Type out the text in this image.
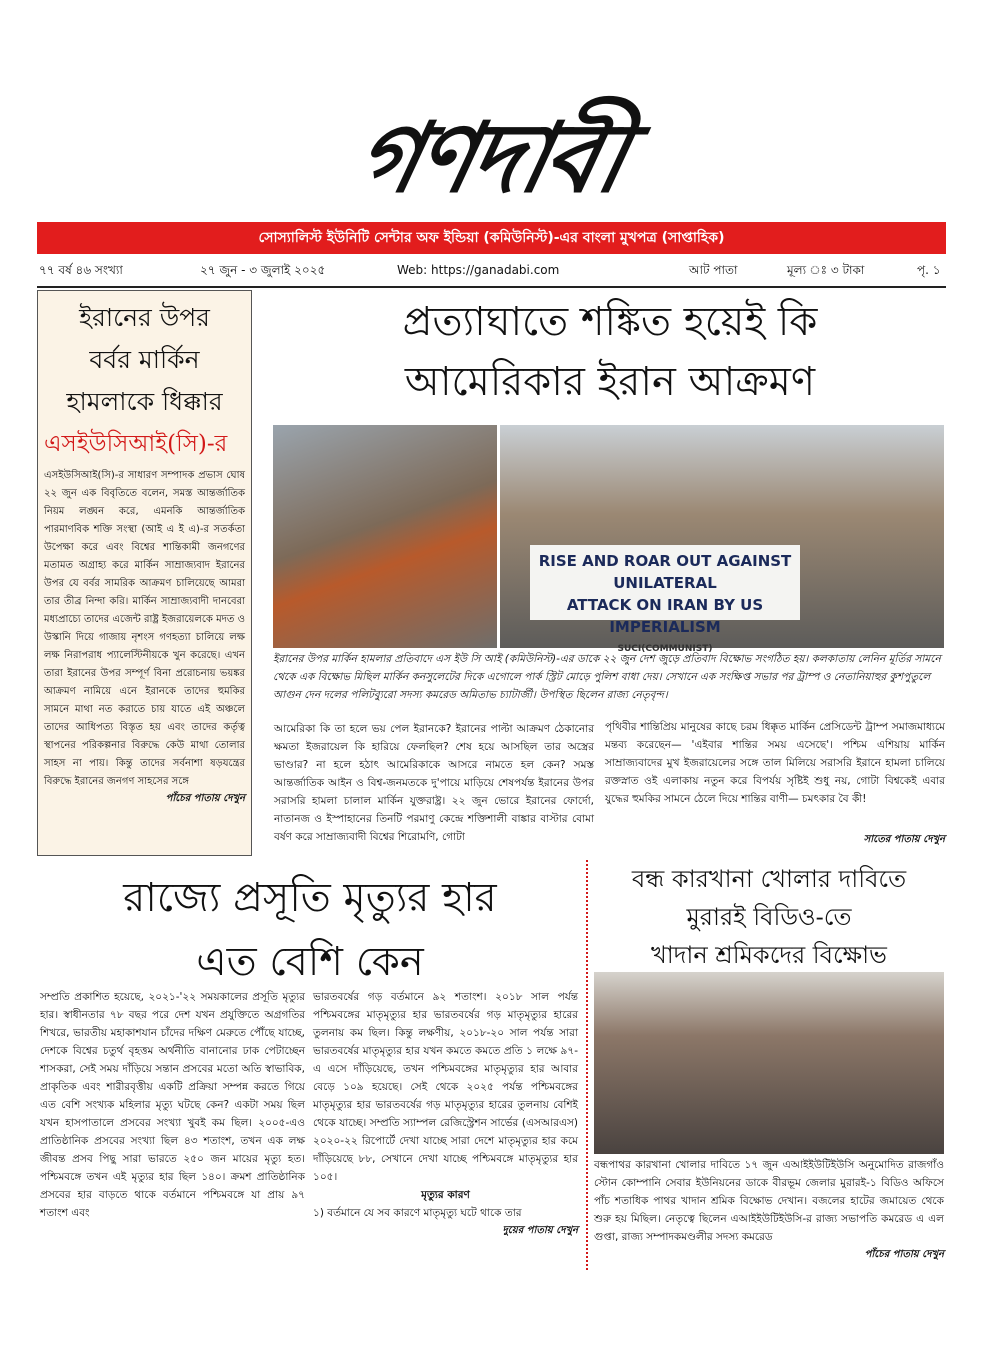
গণদাবী
সোস্যালিস্ট ইউনিটি সেন্টার অফ ইন্ডিয়া (কমিউনিস্ট)-এর বাংলা মুখপত্র (সাপ্তাহিক)
৭৭ বর্ষ ৪৬ সংখ্যা	২৭ জুন - ৩ জুলাই ২০২৫	Web: https://ganadabi.com	আট পাতা	মূল্য ঃ ৩ টাকা	পৃ. ১
ইরানের উপর
বর্বর মার্কিন
হামলাকে ধিক্কার
এসইউসিআই(সি)-র
এসইউসিআই(সি)-র সাধারণ সম্পাদক প্রভাস ঘোষ ২২ জুন এক বিবৃতিতে বলেন, সমস্ত আন্তর্জাতিক নিয়ম লঙ্ঘন করে, এমনকি আন্তর্জাতিক পারমাণবিক শক্তি সংস্থা (আই এ ই এ)-র সতর্কতা উপেক্ষা করে এবং বিশ্বের শান্তিকামী জনগণের মতামত অগ্রাহ্য করে মার্কিন সাম্রাজ্যবাদ ইরানের উপর যে বর্বর সামরিক আক্রমণ চালিয়েছে আমরা তার তীব্র নিন্দা করি। মার্কিন সাম্রাজ্যবাদী দানবেরা মধ্যপ্রাচ্যে তাদের এজেন্ট রাষ্ট্র ইজরায়েলকে মদত ও উস্কানি দিয়ে গাজায় নৃশংস গণহত্যা চালিয়ে লক্ষ লক্ষ নিরাপরাধ প্যালেস্টিনীয়কে খুন করেছে। এখন তারা ইরানের উপর সম্পূর্ণ বিনা প্ররোচনায় ভয়ঙ্কর আক্রমণ নামিয়ে এনে ইরানকে তাদের হুমকির সামনে মাথা নত করাতে চায় যাতে এই অঞ্চলে তাদের আধিপত্য বিস্তৃত হয় এবং তাদের কর্তৃত্ব স্থাপনের পরিকল্পনার বিরুদ্ধে কেউ মাথা তোলার সাহস না পায়। কিন্তু তাদের সর্বনাশা ষড়যন্ত্রের বিরুদ্ধে ইরানের জনগণ সাহসের সঙ্গে
পাঁচের পাতায় দেখুন
প্রত্যাঘাতে শঙ্কিত হয়েই কি
আমেরিকার ইরান আক্রমণ
RISE AND ROAR OUT AGAINST UNILATERAL
ATTACK ON IRAN BY US IMPERIALISM
SUCI(COMMUNIST)
ইরানের উপর মার্কিন হামলার প্রতিবাদে এস ইউ সি আই (কমিউনিস্ট)-এর ডাকে ২২ জুন দেশ জুড়ে প্রতিবাদ বিক্ষোভ সংগঠিত হয়। কলকাতায় লেনিন মূর্তির সামনে থেকে এক বিক্ষোভ মিছিল মার্কিন কনসুলেটের দিকে এগোলে পার্ক স্ট্রিট মোড়ে পুলিশ বাধা দেয়। সেখানে এক সংক্ষিপ্ত সভার পর ট্রাম্প ও নেতানিয়াহুর কুশপুতুলে আগুন দেন দলের পলিটব্যুরো সদস্য কমরেড অমিতাভ চ্যাটার্জী। উপস্থিত ছিলেন রাজ্য নেতৃবৃন্দ।
আমেরিকা কি তা হলে ভয় পেল ইরানকে? ইরানের পাল্টা আক্রমণ ঠেকানোর ক্ষমতা ইজরায়েল কি হারিয়ে ফেলছিল? শেষ হয়ে আসছিল তার অস্ত্রের ভাণ্ডার? না হলে হঠাৎ আমেরিকাকে আসরে নামতে হল কেন? সমস্ত আন্তর্জাতিক আইন ও বিশ্ব-জনমতকে দু'পায়ে মাড়িয়ে শেষপর্যন্ত ইরানের উপর সরাসরি হামলা চালাল মার্কিন যুক্তরাষ্ট্র। ২২ জুন ভোরে ইরানের ফোর্দো, নাতানজ ও ইস্পাহানের তিনটি পরমাণু কেন্দ্রে শক্তিশালী বাঙ্কার বাস্টার বোমা বর্ষণ করে সাম্রাজ্যবাদী বিশ্বের শিরোমণি, গোটা
পৃথিবীর শান্তিপ্রিয় মানুষের কাছে চরম ধিক্কৃত মার্কিন প্রেসিডেন্ট ট্রাম্প সমাজমাধ্যমে মন্তব্য করেছেন— 'এইবার শান্তির সময় এসেছে'। পশ্চিম এশিয়ায় মার্কিন সাম্রাজ্যবাদের মুখ ইজরায়েলের সঙ্গে তাল মিলিয়ে সরাসরি ইরানে হামলা চালিয়ে রক্তস্নাত ওই এলাকায় নতুন করে বিপর্যয় সৃষ্টিই শুধু নয়, গোটা বিশ্বকেই এবার যুদ্ধের হুমকির সামনে ঠেলে দিয়ে শান্তির বাণী— চমৎকার বৈ কী!
সাতের পাতায় দেখুন
রাজ্যে প্রসূতি মৃত্যুর হার
এত বেশি কেন
সম্প্রতি প্রকাশিত হয়েছে, ২০২১-'২২ সময়কালের প্রসূতি মৃত্যুর হার। স্বাধীনতার ৭৮ বছর পরে দেশ যখন প্রযুক্তিতে অগ্রগতির শিখরে, ভারতীয় মহাকাশযান চাঁদের দক্ষিণ মেরুতে পৌঁছে যাচ্ছে, দেশকে বিশ্বের চতুর্থ বৃহত্তম অর্থনীতি বানানোর ঢাক পেটাচ্ছেন শাসকরা, সেই সময় দাঁড়িয়ে সন্তান প্রসবের মতো অতি স্বাভাবিক, প্রাকৃতিক এবং শারীরবৃত্তীয় একটি প্রক্রিয়া সম্পন্ন করতে গিয়ে এত বেশি সংখ্যক মহিলার মৃত্যু ঘটছে কেন? একটা সময় ছিল যখন হাসপাতালে প্রসবের সংখ্যা খুবই কম ছিল। ২০০৫-এও প্রাতিষ্ঠানিক প্রসবের সংখ্যা ছিল ৪৩ শতাংশ, তখন এক লক্ষ জীবন্ত প্রসব পিছু সারা ভারতে ২৫০ জন মায়ের মৃত্যু হত। পশ্চিমবঙ্গে তখন এই মৃত্যুর হার ছিল ১৪০। ক্রমশ প্রাতিষ্ঠানিক প্রসবের হার বাড়তে থাকে বর্তমানে পশ্চিমবঙ্গে যা প্রায় ৯৭ শতাংশ এবং
ভারতবর্ষের গড় বর্তমানে ৯২ শতাংশ। ২০১৮ সাল পর্যন্ত পশ্চিমবঙ্গের মাতৃমৃত্যুর হার ভারতবর্ষের গড় মাতৃমৃত্যুর হারের তুলনায় কম ছিল। কিন্তু লক্ষণীয়, ২০১৮-২০ সাল পর্যন্ত সারা ভারতবর্ষের মাতৃমৃত্যুর হার যখন কমতে কমতে প্রতি ১ লক্ষে ৯৭-এ এসে দাঁড়িয়েছে, তখন পশ্চিমবঙ্গের মাতৃমৃত্যুর হার আবার বেড়ে ১০৯ হয়েছে। সেই থেকে ২০২৫ পর্যন্ত পশ্চিমবঙ্গের মাতৃমৃত্যুর হার ভারতবর্ষের গড় মাতৃমৃত্যুর হারের তুলনায় বেশিই থেকে যাচ্ছে। সম্প্রতি স্যাম্পল রেজিস্ট্রেশন সার্ভের (এসআরএস) ২০২০-২২ রিপোর্টে দেখা যাচ্ছে সারা দেশে মাতৃমৃত্যুর হার কমে দাঁড়িয়েছে ৮৮, সেখানে দেখা যাচ্ছে পশ্চিমবঙ্গে মাতৃমৃত্যুর হার ১০৫।
মৃত্যুর কারণ
১) বর্তমানে যে সব কারণে মাতৃমৃত্যু ঘটে থাকে তার
দুয়ের পাতায় দেখুন
বন্ধ কারখানা খোলার দাবিতে
মুরারই বিডিও-তে
খাদান শ্রমিকদের বিক্ষোভ
বন্ধপাথর কারখানা খোলার দাবিতে ১৭ জুন এআইইউটিইউসি অনুমোদিত রাজগাঁও স্টোন কোম্পানি সেবার ইউনিয়নের ডাকে বীরভূম জেলার মুরারই-১ বিডিও অফিসে পাঁচ শতাধিক পাথর খাদান শ্রমিক বিক্ষোভ দেখান। বজলের হাটের জমায়েত থেকে শুরু হয় মিছিল। নেতৃত্বে ছিলেন এআইইউটিইউসি-র রাজ্য সভাপতি কমরেড এ এল গুপ্তা, রাজ্য সম্পাদকমণ্ডলীর সদস্য কমরেড
পাঁচের পাতায় দেখুন
